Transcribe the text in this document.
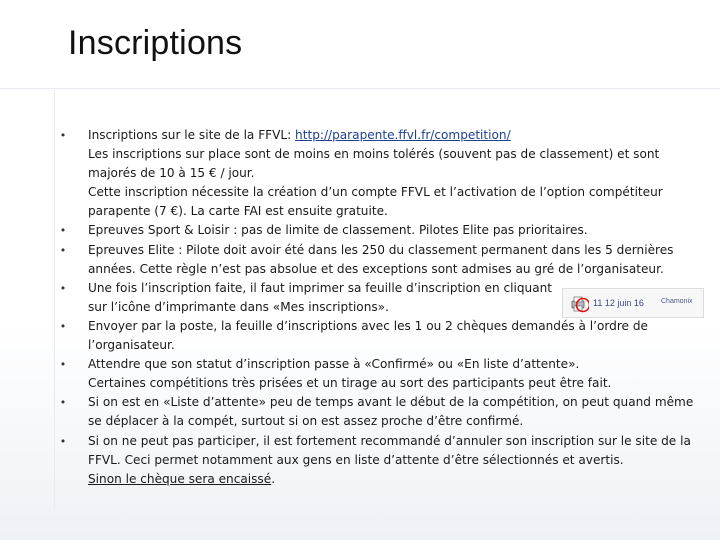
Inscriptions
• Inscriptions sur le site de la FFVL: http://parapente.ffvl.fr/competition/
Les inscriptions sur place sont de moins en moins tolérés (souvent pas de classement) et sont
majorés de 10 à 15 € / jour.
Cette inscription nécessite la création d’un compte FFVL et l’activation de l’option compétiteur
parapente (7 €). La carte FAI est ensuite gratuite.
• Epreuves Sport & Loisir : pas de limite de classement. Pilotes Elite pas prioritaires.
• Epreuves Elite : Pilote doit avoir été dans les 250 du classement permanent dans les 5 dernières
années. Cette règle n’est pas absolue et des exceptions sont admises au gré de l’organisateur.
• Une fois l’inscription faite, il faut imprimer sa feuille d’inscription en cliquant
sur l’icône d’imprimante dans «Mes inscriptions».
• Envoyer par la poste, la feuille d’inscriptions avec les 1 ou 2 chèques demandés à l’ordre de
l’organisateur.
• Attendre que son statut d’inscription passe à «Confirmé» ou «En liste d’attente».
Certaines compétitions très prisées et un tirage au sort des participants peut être fait.
• Si on est en «Liste d’attente» peu de temps avant le début de la compétition, on peut quand même
se déplacer à la compét, surtout si on est assez proche d’être confirmé.
• Si on ne peut pas participer, il est fortement recommandé d’annuler son inscription sur le site de la
FFVL. Ceci permet notamment aux gens en liste d’attente d’être sélectionnés et avertis.
Sinon le chèque sera encaissé.
11 12 juin 16 Chamonix
